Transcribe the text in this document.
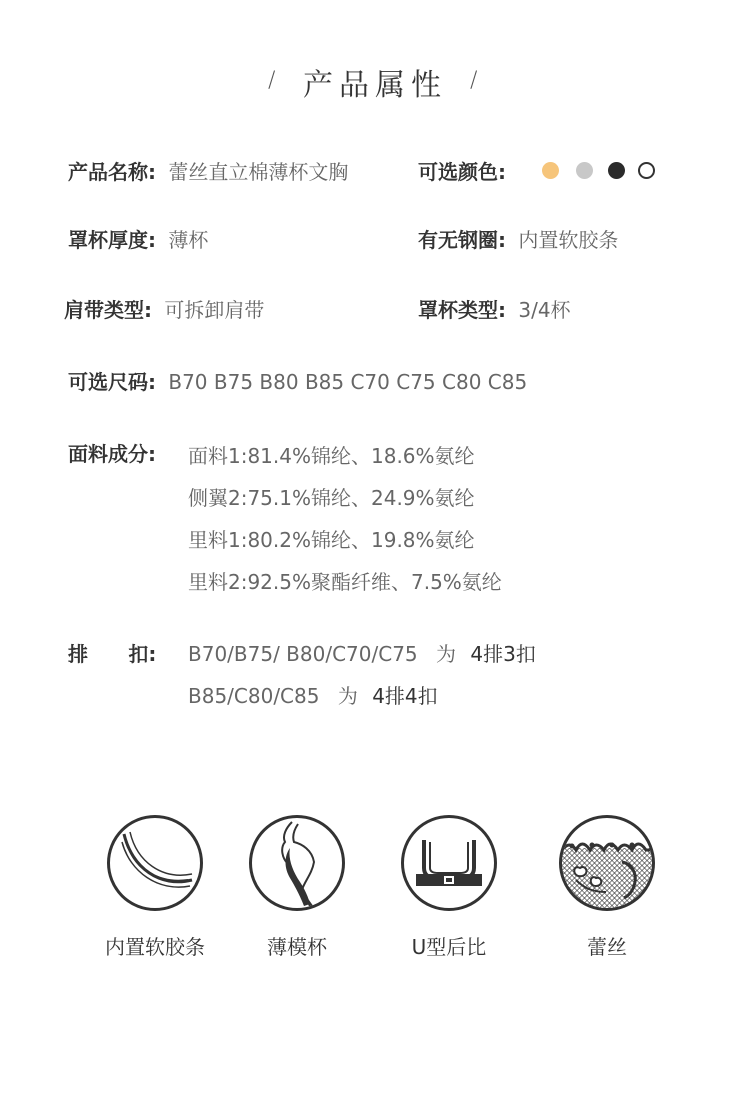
/ 产品属性	/
产品名称: 蕾丝直立棉薄杯文胸	可选颜色:
罩杯厚度: 薄杯	有无钢圈: 内置软胶条
肩带类型: 可拆卸肩带	罩杯类型: 3/4杯
可选尺码: B70 B75 B80 B85 C70 C75 C80 C85
面料成分: 面料1:81.4%锦纶、18.6%氨纶
侧翼2:75.1%锦纶、24.9%氨纶
里料1:80.2%锦纶、19.8%氨纶
里料2:92.5%聚酯纤维、7.5%氨纶
排 扣: B70/B75/ B80/C70/C75 为 4排3扣
B85/C80/C85 为 4排4扣
内置软胶条	薄模杯	U型后比	蕾丝
